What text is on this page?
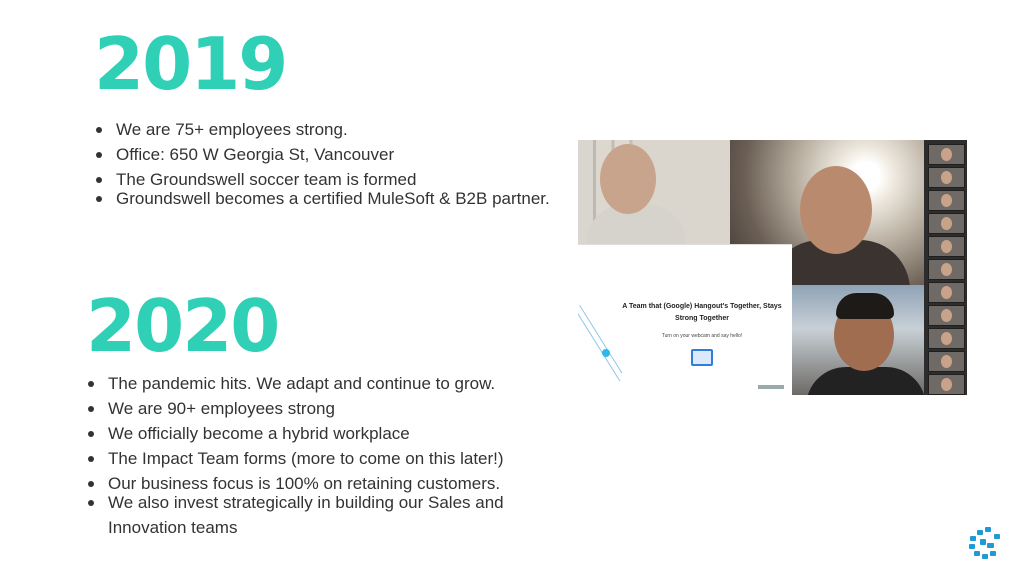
2019
We are 75+ employees strong.
Office: 650 W Georgia St, Vancouver
The Groundswell soccer team is formed
Groundswell becomes a certified MuleSoft & B2B partner.
2020
The pandemic hits. We adapt and continue to grow.
We are 90+ employees strong
We officially become a hybrid workplace
The Impact Team forms (more to come on this later!)
Our business focus is 100% on retaining customers.
We also invest strategically in building our Sales and Innovation teams
A Team that (Google) Hangout's Together, Stays Strong Together
Turn on your webcam and say hello!
